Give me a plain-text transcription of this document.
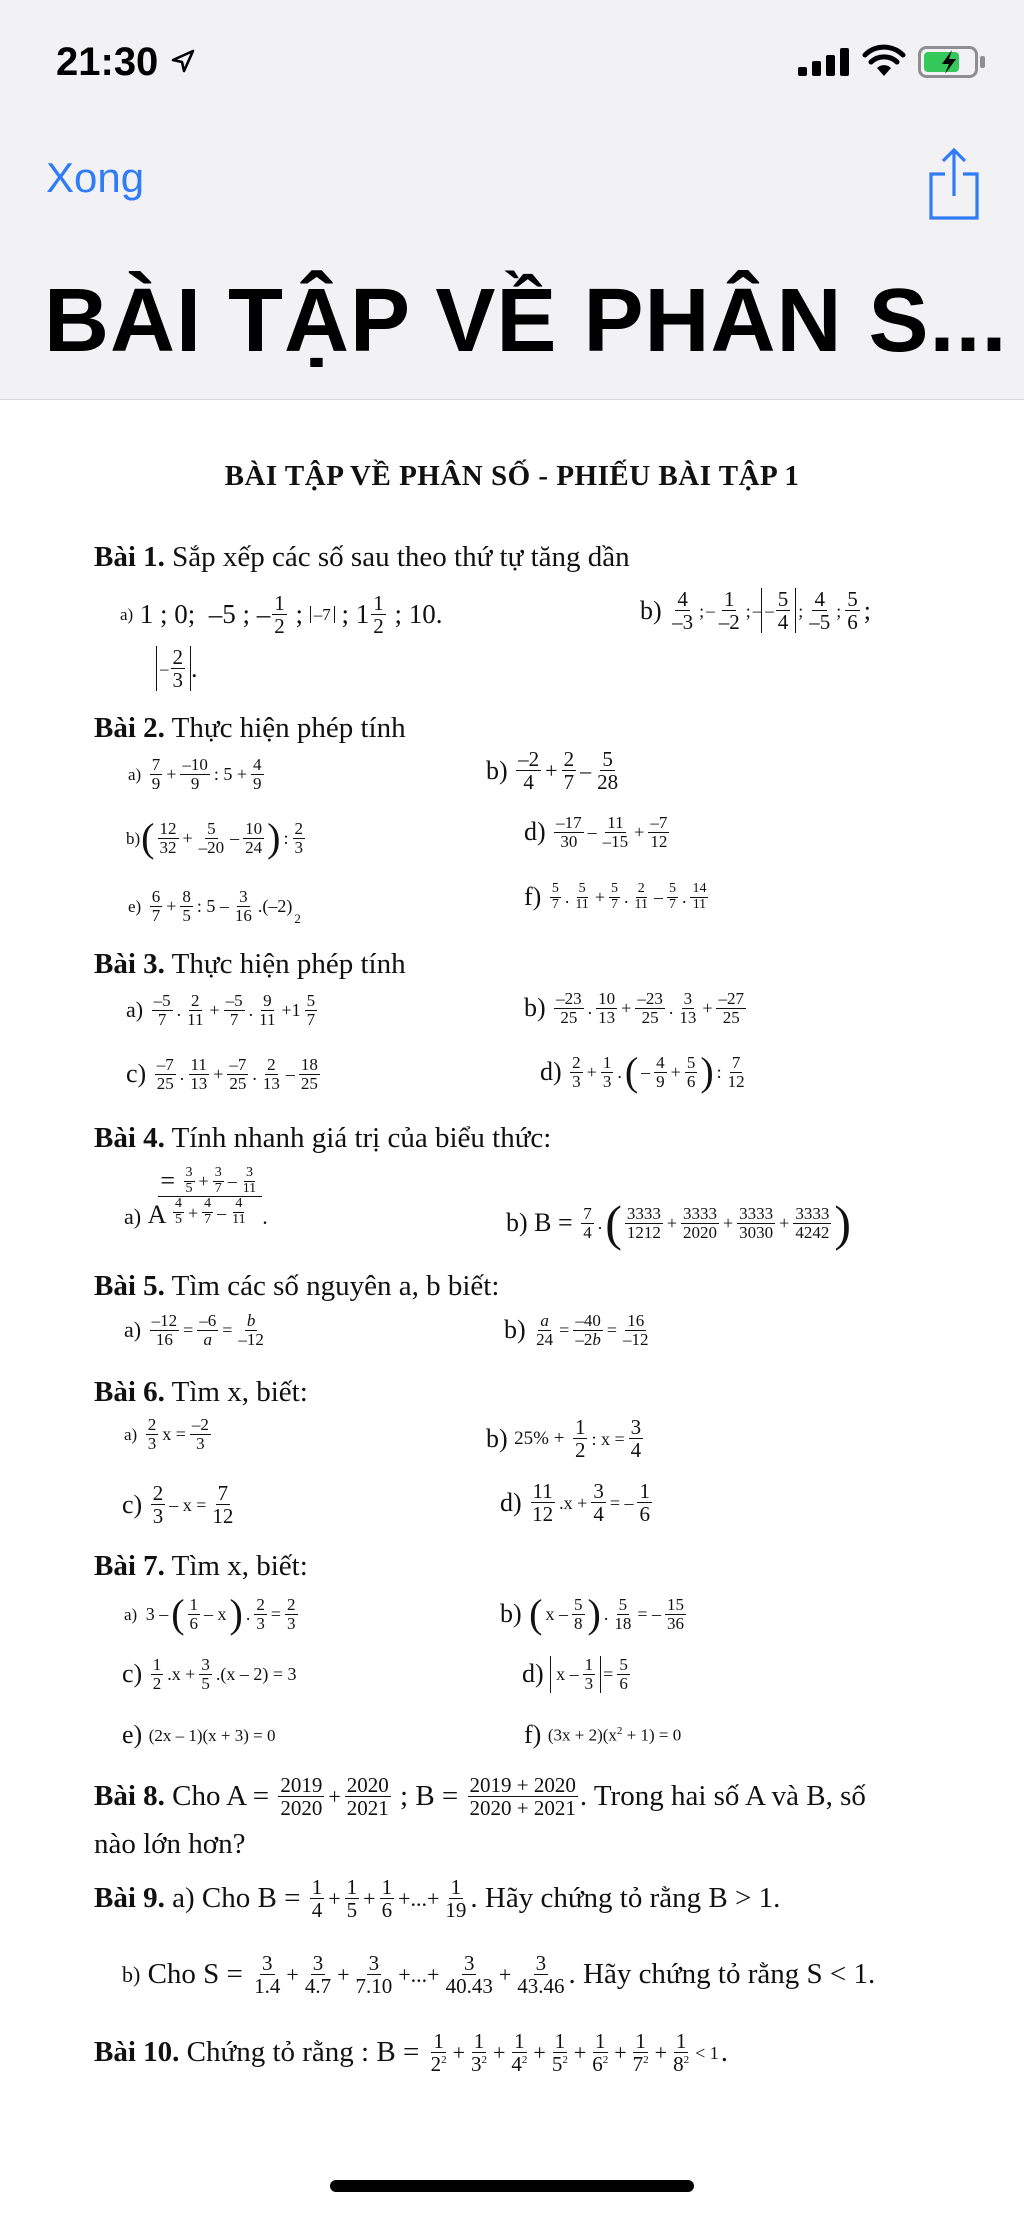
21:30
Xong
BÀI TẬP VỀ PHÂN S...
BÀI TẬP VỀ PHÂN SỐ - PHIẾU BÀI TẬP 1
Bài 1. Sắp xếp các số sau theo thứ tự tăng dần
a)
1 ; 0;  –5 ; – $\frac{1}{2}$ ; –7 ; $1 \frac{1}{2}$ ; 10.	b)
$\frac{4}{-3}$ ; – $\frac{1}{-2}$ ; – – $\frac{5}{4}$ ; $\frac{4}{-5}$ ; $\frac{5}{6}$ ;
– $\frac{2}{3}$ .
Bài 2. Thực hiện phép tính
a)
$\frac{7}{9} + \frac{-10}{9}$ : $5 + \frac{4}{9}$	b)
$\frac{-2}{4} + \frac{2}{7} - \frac{5}{28}$
b) ( $\frac{12}{32} + \frac{5}{-20} - \frac{10}{24}$ ) : $\frac{2}{3}$	d)
$\frac{-17}{30} - \frac{11}{-15} + \frac{-7}{12}$
e)
$\frac{6}{7} + \frac{8}{5}$ : $5 - \frac{3}{16} .(-2)$
2
f)
$\frac{5}{7}$ . $\frac{5}{11} + \frac{5}{7}$ . $\frac{2}{11} - \frac{5}{7}$ . $\frac{14}{11}$
Bài 3. Thực hiện phép tính
a)
$\frac{-5}{7}$ . $\frac{2}{11} + \frac{-5}{7}$ . $\frac{9}{11} +1 \frac{5}{7}$	b)
$\frac{-23}{25}$ . $\frac{10}{13} + \frac{-23}{25}$ . $\frac{3}{13} + \frac{-27}{25}$
c)
$\frac{-7}{25}$ . $\frac{11}{13} + \frac{-7}{25}$ . $\frac{2}{13} - \frac{18}{25}$	d)
$\frac{2}{3} + \frac{1}{3}$ . ( – $\frac{4}{9} + \frac{5}{6}$ ) : $\frac{7}{12}$
Bài 4. Tính nhanh giá trị của biểu thức:
a)
A
$\frac{= \frac{3}{5} + \frac{3}{7} - \frac{3}{11}}{\frac{4}{5} + \frac{4}{7} - \frac{4}{11}}$ .	b)
B =
$\frac{7}{4}$ . ( $\frac{3333}{1212} + \frac{3333}{2020} + \frac{3333}{3030} + \frac{3333}{4242}$ )
Bài 5. Tìm các số nguyên a, b biết:
a)
$\frac{-12}{16} = \frac{-6}{a} = \frac{b}{-12}$	b)
$\frac{a}{24} = \frac{-40}{-2b} = \frac{16}{-12}$
Bài 6. Tìm x, biết:
a)
$\frac{2}{3}$ $x = \frac{-2}{3}$	b)
25% +
$\frac{1}{2}$ : $x = \frac{3}{4}$
c)
$\frac{2}{3} - x = \frac{7}{12}$	d)
$\frac{11}{12} .x + \frac{3}{4}$ = – $\frac{1}{6}$
Bài 7. Tìm x, biết:
a)
3 – ( $\frac{1}{6}$ – x ) . $\frac{2}{3} = \frac{2}{3}$	b)
( x – $\frac{5}{8}$ ) . $\frac{5}{18}$ = – $\frac{15}{36}$
c)
$\frac{1}{2} .x + \frac{3}{5} .(x - 2) = 3$	d)
$x - \frac{1}{3} = \frac{5}{6}$
e)
(2x – 1)(x + 3) = 0	f)
$(3x + 2)(x^2 + 1) = 0$
Bài 8.
Cho A =
$\frac{2019}{2020} + \frac{2020}{2021}$
; B =
$\frac{2019 + 2020}{2020 + 2021}$ . Trong hai số A và B, số
nào lớn hơn?
Bài 9.
a) Cho B =
$\frac{1}{4} + \frac{1}{5} + \frac{1}{6}$ +...+ $\frac{1}{19}$ . Hãy chứng tỏ rằng B > 1.
b)
Cho S =
$\frac{3}{1.4} + \frac{3}{4.7} + \frac{3}{7.10}$ +...+ $\frac{3}{40.43} + \frac{3}{43.46}$ . Hãy chứng tỏ rằng S < 1.
Bài 10.
Chứng tỏ rằng : B =
$\frac{1}{2^2} + \frac{1}{3^2} + \frac{1}{4^2} + \frac{1}{5^2} + \frac{1}{6^2} + \frac{1}{7^2} + \frac{1}{8^2} < 1$ .
